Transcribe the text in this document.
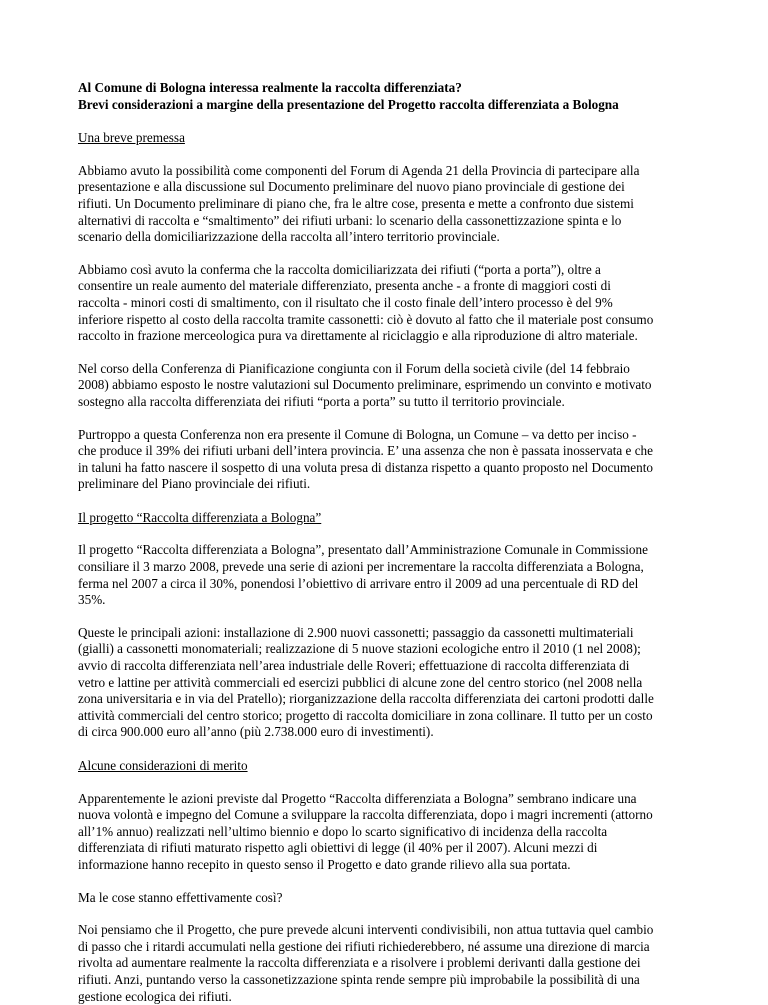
Al Comune di Bologna interessa realmente la raccolta differenziata?

Brevi considerazioni a margine della presentazione del Progetto raccolta differenziata a Bologna

Una breve premessa

Abbiamo avuto la possibilità come componenti del Forum di Agenda 21 della Provincia di partecipare alla
presentazione e alla discussione sul Documento preliminare del nuovo piano provinciale di gestione dei
rifiuti. Un Documento preliminare di piano che, fra le altre cose, presenta e mette a confronto due sistemi
alternativi di raccolta e “smaltimento” dei rifiuti urbani: lo scenario della cassonettizzazione spinta e lo
scenario della domiciliarizzazione della raccolta all’intero territorio provinciale.

Abbiamo così avuto la conferma che la raccolta domiciliarizzata dei rifiuti (“porta a porta”), oltre a
consentire un reale aumento del materiale differenziato, presenta anche - a fronte di maggiori costi di
raccolta - minori costi di smaltimento, con il risultato che il costo finale dell’intero processo è del 9%
inferiore rispetto al costo della raccolta tramite cassonetti: ciò è dovuto al fatto che il materiale post consumo
raccolto in frazione merceologica pura va direttamente al riciclaggio e alla riproduzione di altro materiale.

Nel corso della Conferenza di Pianificazione congiunta con il Forum della società civile (del 14 febbraio
2008) abbiamo esposto le nostre valutazioni sul Documento preliminare, esprimendo un convinto e motivato
sostegno alla raccolta differenziata dei rifiuti “porta a porta” su tutto il territorio provinciale.

Purtroppo a questa Conferenza non era presente il Comune di Bologna, un Comune – va detto per inciso -
che produce il 39% dei rifiuti urbani dell’intera provincia. E’ una assenza che non è passata inosservata e che
in taluni ha fatto nascere il sospetto di una voluta presa di distanza rispetto a quanto proposto nel Documento
preliminare del Piano provinciale dei rifiuti.

Il progetto “Raccolta differenziata a Bologna”

Il progetto “Raccolta differenziata a Bologna”, presentato dall’Amministrazione Comunale in Commissione
consiliare il 3 marzo 2008, prevede una serie di azioni per incrementare la raccolta differenziata a Bologna,
ferma nel 2007 a circa il 30%, ponendosi l’obiettivo di arrivare entro il 2009 ad una percentuale di RD del
35%.

Queste le principali azioni: installazione di 2.900 nuovi cassonetti; passaggio da cassonetti multimateriali
(gialli) a cassonetti monomateriali; realizzazione di 5 nuove stazioni ecologiche entro il 2010 (1 nel 2008);
avvio di raccolta differenziata nell’area industriale delle Roveri; effettuazione di raccolta differenziata di
vetro e lattine per attività commerciali ed esercizi pubblici di alcune zone del centro storico (nel 2008 nella
zona universitaria e in via del Pratello); riorganizzazione della raccolta differenziata dei cartoni prodotti dalle
attività commerciali del centro storico; progetto di raccolta domiciliare in zona collinare. Il tutto per un costo
di circa 900.000 euro all’anno (più 2.738.000 euro di investimenti).

Alcune considerazioni di merito

Apparentemente le azioni previste dal Progetto “Raccolta differenziata a Bologna” sembrano indicare una
nuova volontà e impegno del Comune a sviluppare la raccolta differenziata, dopo i magri incrementi (attorno
all’1% annuo) realizzati nell’ultimo biennio e dopo lo scarto significativo di incidenza della raccolta
differenziata di rifiuti maturato rispetto agli obiettivi di legge (il 40% per il 2007). Alcuni mezzi di
informazione hanno recepito in questo senso il Progetto e dato grande rilievo alla sua portata.

Ma le cose stanno effettivamente così?

Noi pensiamo che il Progetto, che pure prevede alcuni interventi condivisibili, non attua tuttavia quel cambio
di passo che i ritardi accumulati nella gestione dei rifiuti richiederebbero, né assume una direzione di marcia
rivolta ad aumentare realmente la raccolta differenziata e a risolvere i problemi derivanti dalla gestione dei
rifiuti. Anzi, puntando verso la cassonetizzazione spinta rende sempre più improbabile la possibilità di una
gestione ecologica dei rifiuti.
